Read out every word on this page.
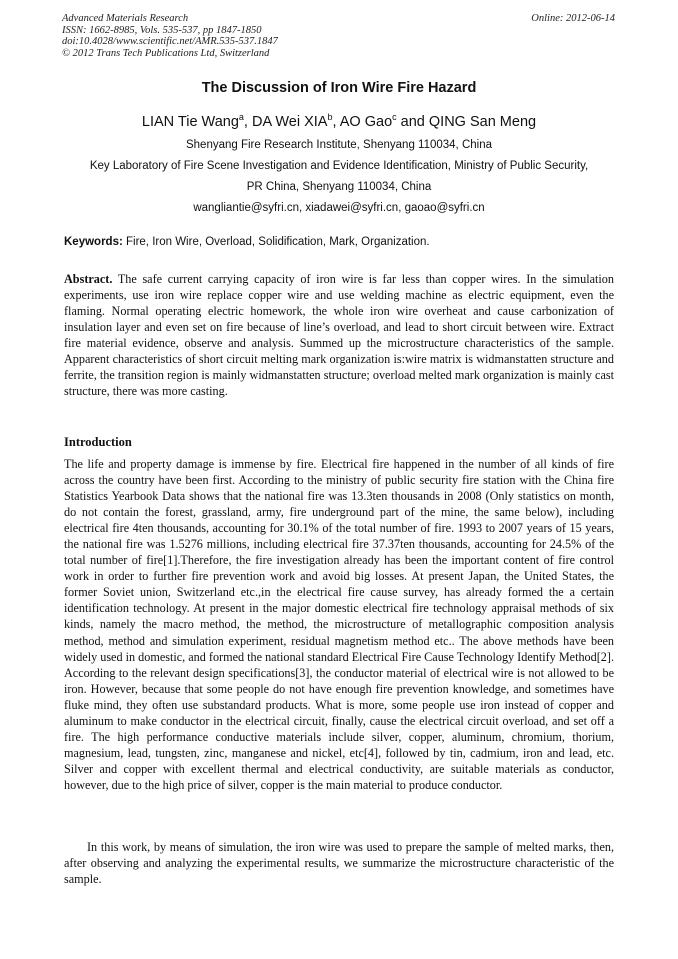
Advanced Materials Research
ISSN: 1662-8985, Vols. 535-537, pp 1847-1850
doi:10.4028/www.scientific.net/AMR.535-537.1847
© 2012 Trans Tech Publications Ltd, Switzerland
Online: 2012-06-14
The Discussion of Iron Wire Fire Hazard
LIAN Tie Wang$^a$, DA Wei XIA$^b$, AO Gao$^c$ and QING San Meng
Shenyang Fire Research Institute, Shenyang 110034, China
Key Laboratory of Fire Scene Investigation and Evidence Identification, Ministry of Public Security,
PR China, Shenyang 110034, China
wangliantie@syfri.cn, xiadawei@syfri.cn, gaoao@syfri.cn
Keywords: Fire, Iron Wire, Overload, Solidification, Mark, Organization.
Abstract. The safe current carrying capacity of iron wire is far less than copper wires. In the simulation experiments, use iron wire replace copper wire and use welding machine as electric equipment, even the flaming. Normal operating electric homework, the whole iron wire overheat and cause carbonization of insulation layer and even set on fire because of line’s overload, and lead to short circuit between wire. Extract fire material evidence, observe and analysis. Summed up the microstructure characteristics of the sample. Apparent characteristics of short circuit melting mark organization is:wire matrix is widmanstatten structure and ferrite, the transition region is mainly widmanstatten structure; overload melted mark organization is mainly cast structure, there was more casting.
Introduction
The life and property damage is immense by fire. Electrical fire happened in the number of all kinds of fire across the country have been first. According to the ministry of public security fire station with the China fire Statistics Yearbook Data shows that the national fire was 13.3ten thousands in 2008 (Only statistics on month, do not contain the forest, grassland, army, fire underground part of the mine, the same below), including electrical fire 4ten thousands, accounting for 30.1% of the total number of fire. 1993 to 2007 years of 15 years, the national fire was 1.5276 millions, including electrical fire 37.37ten thousands, accounting for 24.5% of the total number of fire[1].Therefore, the fire investigation already has been the important content of fire control work in order to further fire prevention work and avoid big losses. At present Japan, the United States, the former Soviet union, Switzerland etc.,in the electrical fire cause survey, has already formed the a certain identification technology. At present in the major domestic electrical fire technology appraisal methods of six kinds, namely the macro method, the method, the microstructure of metallographic composition analysis method, method and simulation experiment, residual magnetism method etc.. The above methods have been widely used in domestic, and formed the national standard Electrical Fire Cause Technology Identify Method[2]. According to the relevant design specifications[3], the conductor material of electrical wire is not allowed to be iron. However, because that some people do not have enough fire prevention knowledge, and sometimes have fluke mind, they often use substandard products. What is more, some people use iron instead of copper and aluminum to make conductor in the electrical circuit, finally, cause the electrical circuit overload, and set off a fire. The high performance conductive materials include silver, copper, aluminum, chromium, thorium, magnesium, lead, tungsten, zinc, manganese and nickel, etc[4], followed by tin, cadmium, iron and lead, etc. Silver and copper with excellent thermal and electrical conductivity, are suitable materials as conductor, however, due to the high price of silver, copper is the main material to produce conductor.
In this work, by means of simulation, the iron wire was used to prepare the sample of melted marks, then, after observing and analyzing the experimental results, we summarize the microstructure characteristic of the sample.
